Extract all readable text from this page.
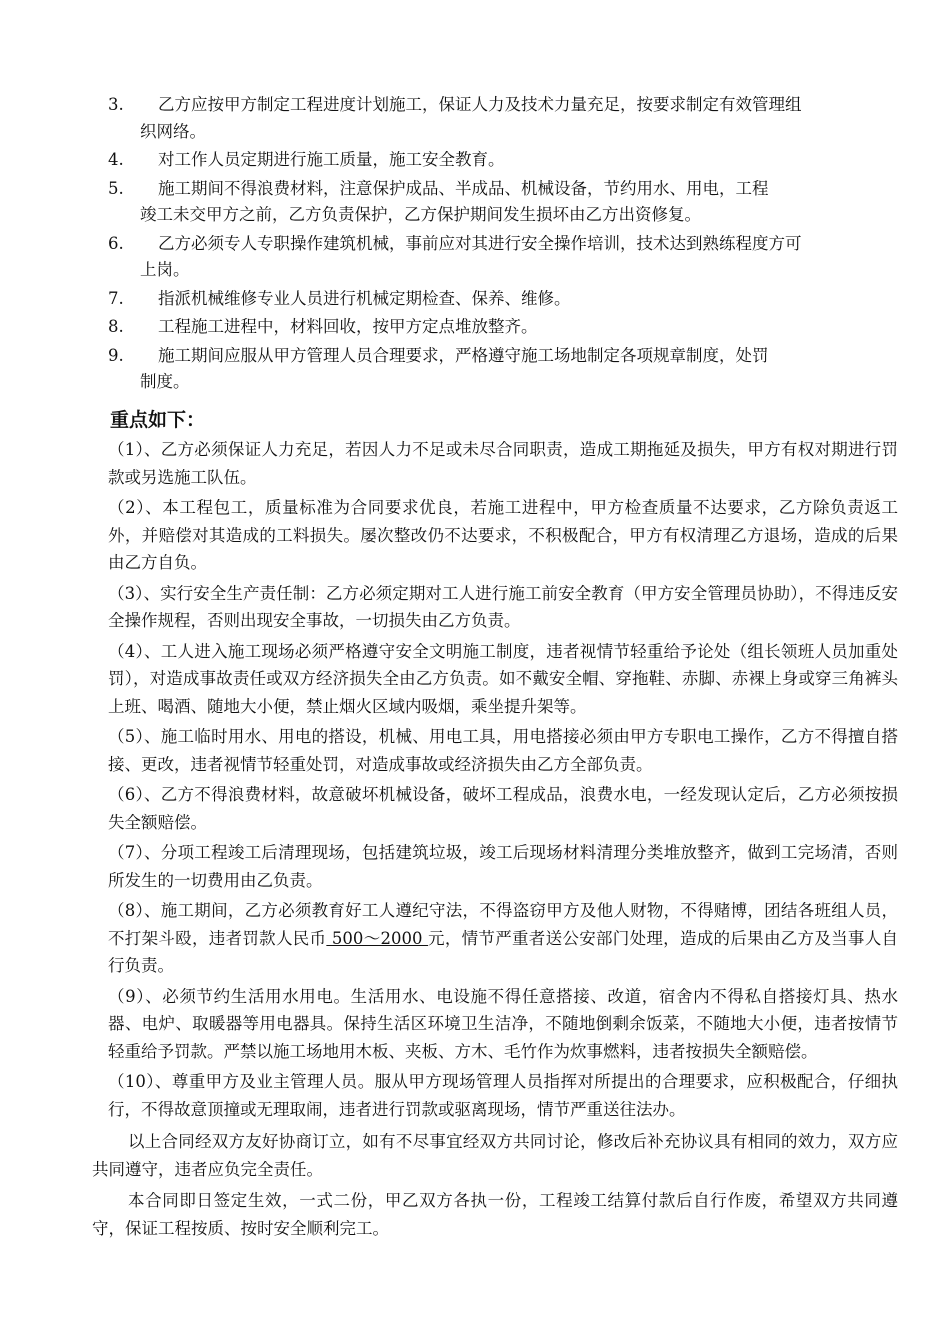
3.	乙方应按甲方制定工程进度计划施工，保证人力及技术力量充足，按要求制定有效管理组
织网络。
4.	对工作人员定期进行施工质量，施工安全教育。
5.	施工期间不得浪费材料，注意保护成品、半成品、机械设备，节约用水、用电，工程
竣工未交甲方之前，乙方负责保护，乙方保护期间发生损坏由乙方出资修复。
6.	乙方必须专人专职操作建筑机械，事前应对其进行安全操作培训，技术达到熟练程度方可
上岗。
7.	指派机械维修专业人员进行机械定期检查、保养、维修。
8.	工程施工进程中，材料回收，按甲方定点堆放整齐。
9.	施工期间应服从甲方管理人员合理要求，严格遵守施工场地制定各项规章制度，处罚
制度。
重点如下：
（1）、乙方必须保证人力充足，若因人力不足或未尽合同职责，造成工期拖延及损失，甲方有权对期进行罚款或另选施工队伍。
（2）、本工程包工，质量标准为合同要求优良，若施工进程中，甲方检查质量不达要求，乙方除负责返工外，并赔偿对其造成的工料损失。屡次整改仍不达要求，不积极配合，甲方有权清理乙方退场，造成的后果由乙方自负。
（3）、实行安全生产责任制：乙方必须定期对工人进行施工前安全教育（甲方安全管理员协助），不得违反安全操作规程，否则出现安全事故，一切损失由乙方负责。
（4）、工人进入施工现场必须严格遵守安全文明施工制度，违者视情节轻重给予论处（组长领班人员加重处罚），对造成事故责任或双方经济损失全由乙方负责。如不戴安全帽、穿拖鞋、赤脚、赤裸上身或穿三角裤头上班、喝酒、随地大小便，禁止烟火区域内吸烟，乘坐提升架等。
（5）、施工临时用水、用电的搭设，机械、用电工具，用电搭接必须由甲方专职电工操作，乙方不得擅自搭接、更改，违者视情节轻重处罚，对造成事故或经济损失由乙方全部负责。
（6）、乙方不得浪费材料，故意破坏机械设备，破坏工程成品，浪费水电，一经发现认定后，乙方必须按损失全额赔偿。
（7）、分项工程竣工后清理现场，包括建筑垃圾，竣工后现场材料清理分类堆放整齐，做到工完场清，否则所发生的一切费用由乙负责。
（8）、施工期间，乙方必须教育好工人遵纪守法，不得盗窃甲方及他人财物，不得赌博，团结各班组人员，不打架斗殴，违者罚款人民币 500～2000 元，情节严重者送公安部门处理，造成的后果由乙方及当事人自行负责。
（9）、必须节约生活用水用电。生活用水、电设施不得任意搭接、改道，宿舍内不得私自搭接灯具、热水器、电炉、取暖器等用电器具。保持生活区环境卫生洁净，不随地倒剩余饭菜，不随地大小便，违者按情节轻重给予罚款。严禁以施工场地用木板、夹板、方木、毛竹作为炊事燃料，违者按损失全额赔偿。
（10）、尊重甲方及业主管理人员。服从甲方现场管理人员指挥对所提出的合理要求，应积极配合，仔细执行，不得故意顶撞或无理取闹，违者进行罚款或驱离现场，情节严重送往法办。

以上合同经双方友好协商订立，如有不尽事宜经双方共同讨论，修改后补充协议具有相同的效力，双方应共同遵守，违者应负完全责任。

本合同即日签定生效，一式二份，甲乙双方各执一份，工程竣工结算付款后自行作废，希望双方共同遵守，保证工程按质、按时安全顺利完工。
